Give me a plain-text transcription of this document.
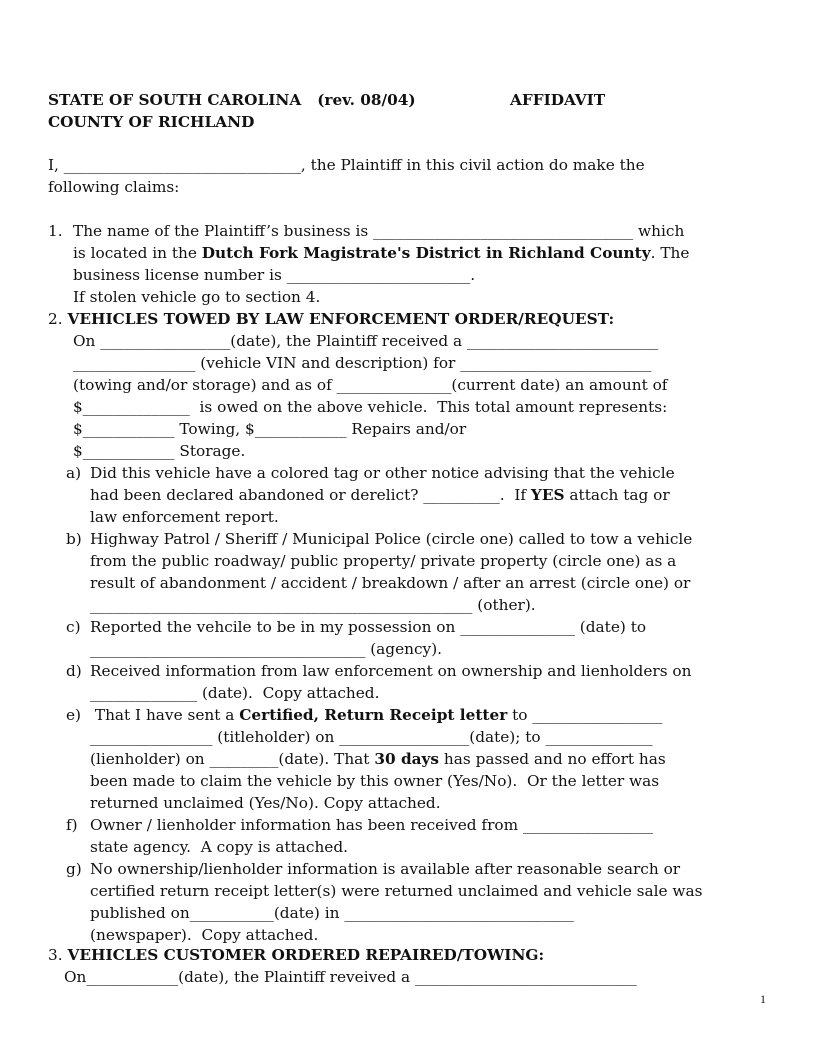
STATE OF SOUTH CAROLINA   (rev. 08/04)	AFFIDAVIT
COUNTY OF RICHLAND
I, _______________________________, the Plaintiff in this civil action do make the
following claims:
1. The name of the Plaintiff’s business is __________________________________ which
is located in the Dutch Fork Magistrate's District in Richland County. The
business license number is ________________________.
If stolen vehicle go to section 4.
2. VEHICLES TOWED BY LAW ENFORCEMENT ORDER/REQUEST:
On _________________(date), the Plaintiff received a _________________________
________________ (vehicle VIN and description) for _________________________
(towing and/or storage) and as of _______________(current date) an amount of
$______________  is owed on the above vehicle.  This total amount represents:
$____________ Towing, $____________ Repairs and/or
$____________ Storage.
a) Did this vehicle have a colored tag or other notice advising that the vehicle
had been declared abandoned or derelict? __________.  If YES attach tag or
law enforcement report.
b) Highway Patrol / Sheriff / Municipal Police (circle one) called to tow a vehicle
from the public roadway/ public property/ private property (circle one) as a
result of abandonment / accident / breakdown / after an arrest (circle one) or
__________________________________________________ (other).
c) Reported the vehcile to be in my possession on _______________ (date) to
____________________________________ (agency).
d) Received information from law enforcement on ownership and lienholders on
______________ (date).  Copy attached.
e) That I have sent a Certified, Return Receipt letter to _________________
________________ (titleholder) on _________________(date); to ______________
(lienholder) on _________(date). That 30 days has passed and no effort has
been made to claim the vehicle by this owner (Yes/No).  Or the letter was
returned unclaimed (Yes/No). Copy attached.
f) Owner / lienholder information has been received from _________________
state agency.  A copy is attached.
g) No ownership/lienholder information is available after reasonable search or
certified return receipt letter(s) were returned unclaimed and vehicle sale was
published on___________(date) in ______________________________
(newspaper).  Copy attached.
3. VEHICLES CUSTOMER ORDERED REPAIRED/TOWING:
On____________(date), the Plaintiff reveived a _____________________________
1
